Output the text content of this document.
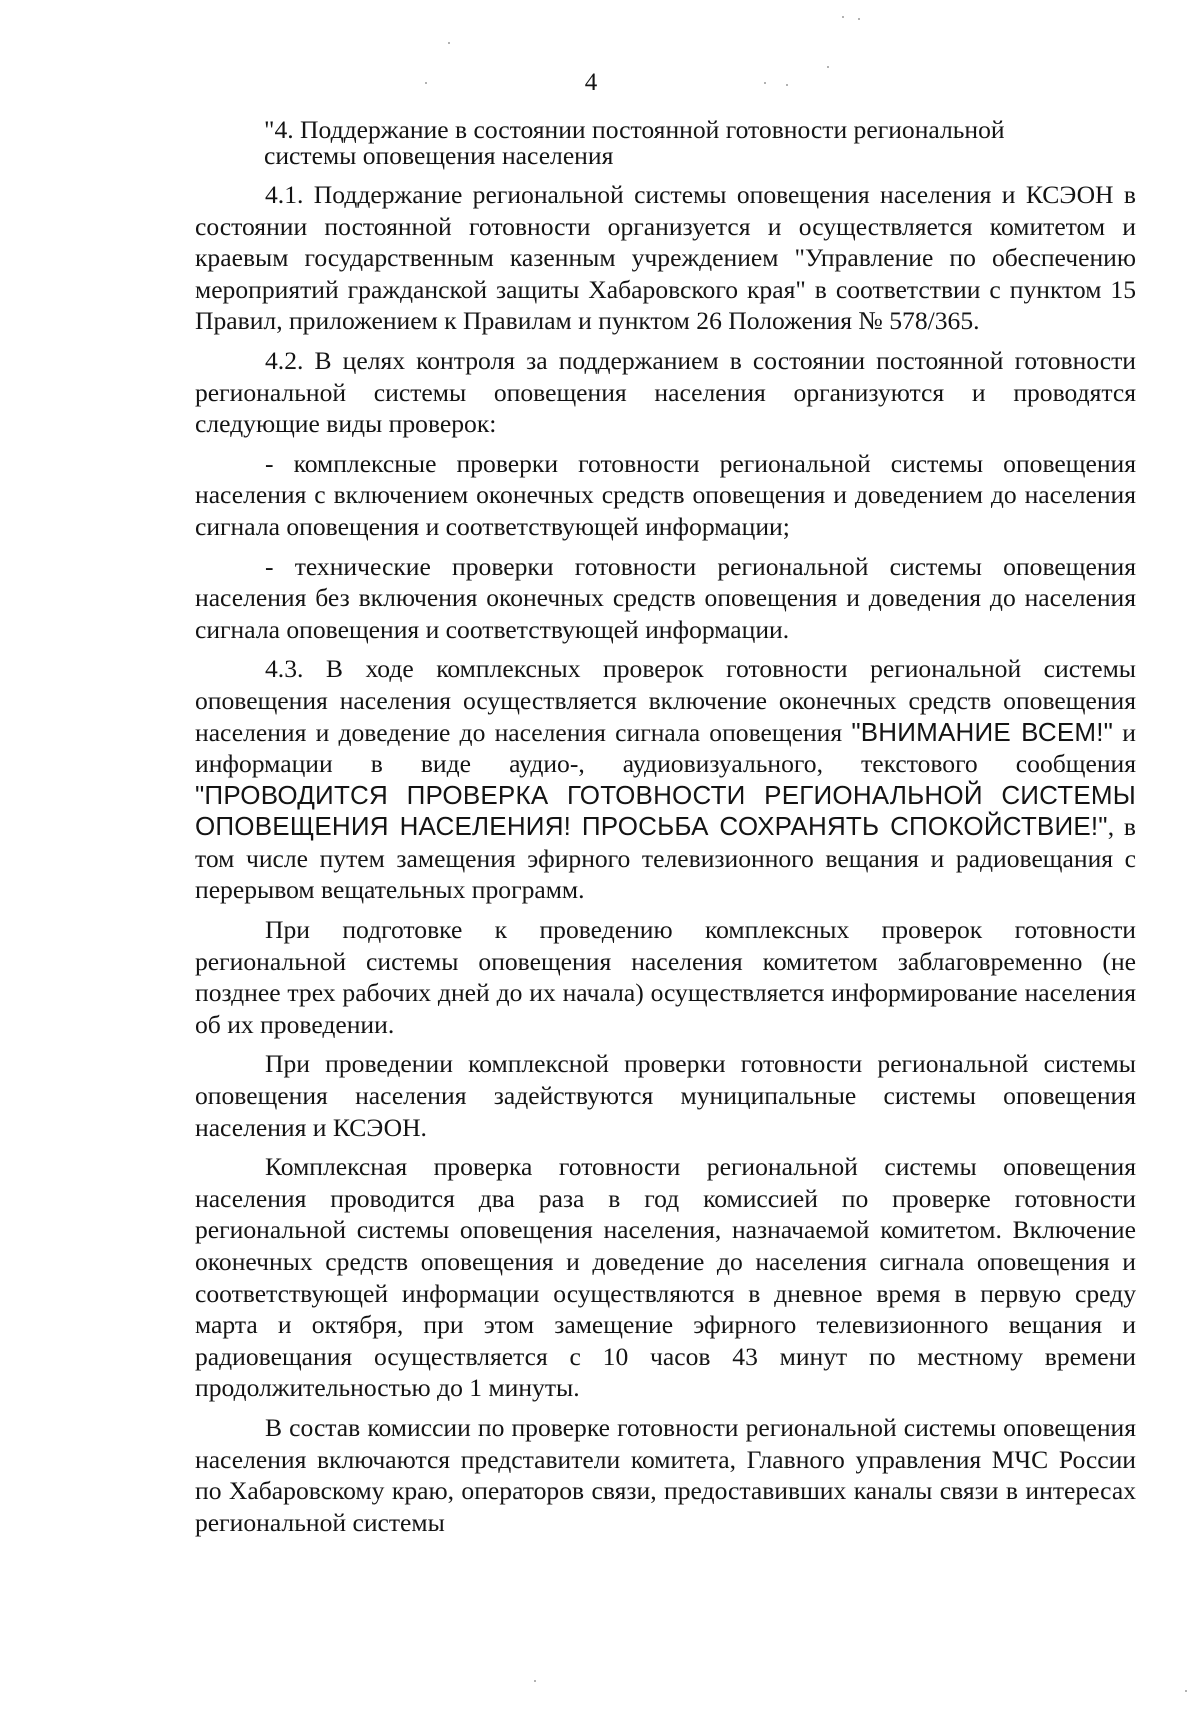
4
"4. Поддержание в состоянии постоянной готовности региональной
системы оповещения населения

4.1. Поддержание региональной системы оповещения населения и КСЭОН в состоянии постоянной готовности организуется и осуществляется комитетом и краевым государственным казенным учреждением "Управление по обеспечению мероприятий гражданской защиты Хабаровского края" в соответствии с пунктом 15 Правил, приложением к Правилам и пунктом 26 Положения № 578/365.

4.2. В целях контроля за поддержанием в состоянии постоянной готовности региональной системы оповещения населения организуются и проводятся следующие виды проверок:

- комплексные проверки готовности региональной системы оповещения населения с включением оконечных средств оповещения и доведением до населения сигнала оповещения и соответствующей информации;

- технические проверки готовности региональной системы оповещения населения без включения оконечных средств оповещения и доведения до населения сигнала оповещения и соответствующей информации.

4.3. В ходе комплексных проверок готовности региональной системы оповещения населения осуществляется включение оконечных средств оповещения населения и доведение до населения сигнала оповещения "ВНИМАНИЕ ВСЕМ!" и информации в виде аудио-, аудиовизуального, текстового сообщения "ПРОВОДИТСЯ ПРОВЕРКА ГОТОВНОСТИ РЕГИОНАЛЬНОЙ СИСТЕМЫ ОПОВЕЩЕНИЯ НАСЕЛЕНИЯ! ПРОСЬБА СОХРАНЯТЬ СПОКОЙСТВИЕ!", в том числе путем замещения эфирного телевизионного вещания и радиовещания с перерывом вещательных программ.

При подготовке к проведению комплексных проверок готовности региональной системы оповещения населения комитетом заблаговременно (не позднее трех рабочих дней до их начала) осуществляется информирование населения об их проведении.

При проведении комплексной проверки готовности региональной системы оповещения населения задействуются муниципальные системы оповещения населения и КСЭОН.

Комплексная проверка готовности региональной системы оповещения населения проводится два раза в год комиссией по проверке готовности региональной системы оповещения населения, назначаемой комитетом. Включение оконечных средств оповещения и доведение до населения сигнала оповещения и соответствующей информации осуществляются в дневное время в первую среду марта и октября, при этом замещение эфирного телевизионного вещания и радиовещания осуществляется с 10 часов 43 минут по местному времени продолжительностью до 1 минуты.

В состав комиссии по проверке готовности региональной системы оповещения населения включаются представители комитета, Главного управления МЧС России по Хабаровскому краю, операторов связи, предоставивших каналы связи в интересах региональной системы
